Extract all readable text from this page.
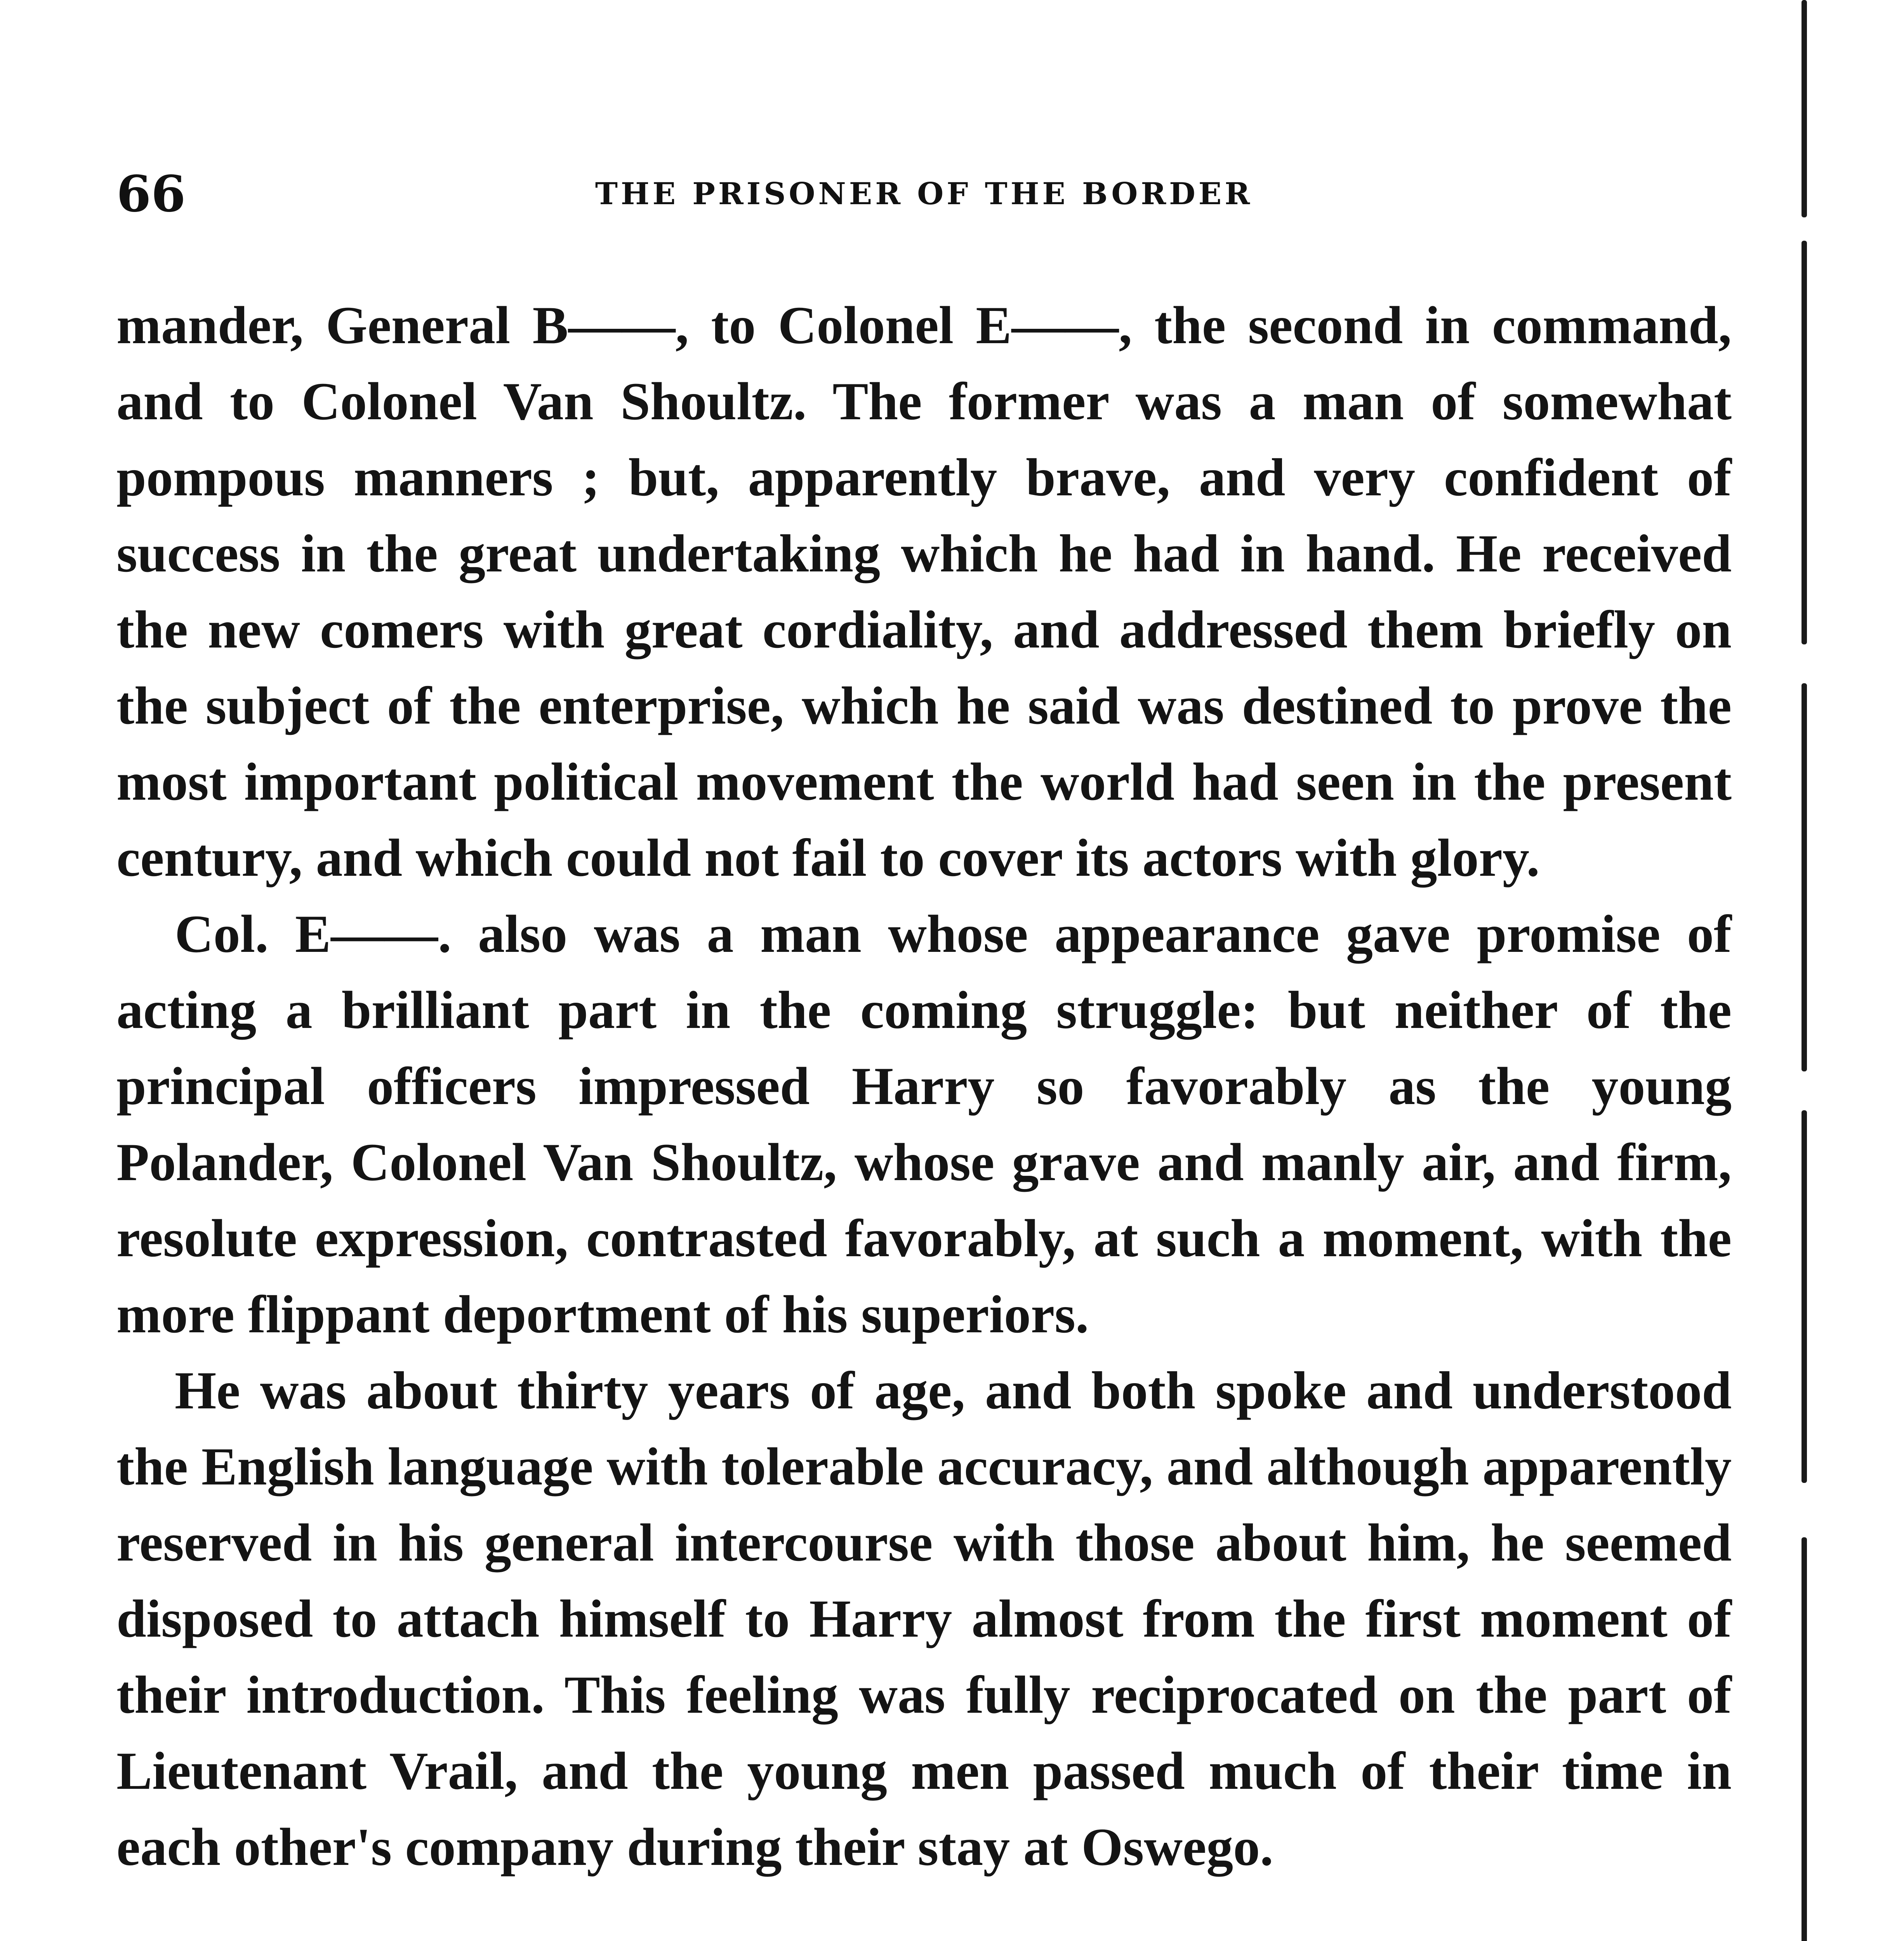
66	THE PRISONER OF THE BORDER

mander, General B——, to Colonel E——, the second in command, and to Colonel Van Shoultz. The former was a man of somewhat pompous manners ; but, apparently brave, and very confident of success in the great undertaking which he had in hand. He received the new comers with great cordiality, and addressed them briefly on the subject of the enterprise, which he said was destined to prove the most important political movement the world had seen in the present century, and which could not fail to cover its actors with glory.

Col. E——. also was a man whose appearance gave promise of acting a brilliant part in the coming struggle: but neither of the principal officers impressed Harry so favorably as the young Polander, Colonel Van Shoultz, whose grave and manly air, and firm, resolute expression, contrasted favorably, at such a moment, with the more flippant deportment of his superiors.

He was about thirty years of age, and both spoke and understood the English language with tolerable accuracy, and although apparently reserved in his general intercourse with those about him, he seemed disposed to attach himself to Harry almost from the first moment of their introduction. This feeling was fully reciprocated on the part of Lieutenant Vrail, and the young men passed much of their time in each other's company during their stay at Oswego.
